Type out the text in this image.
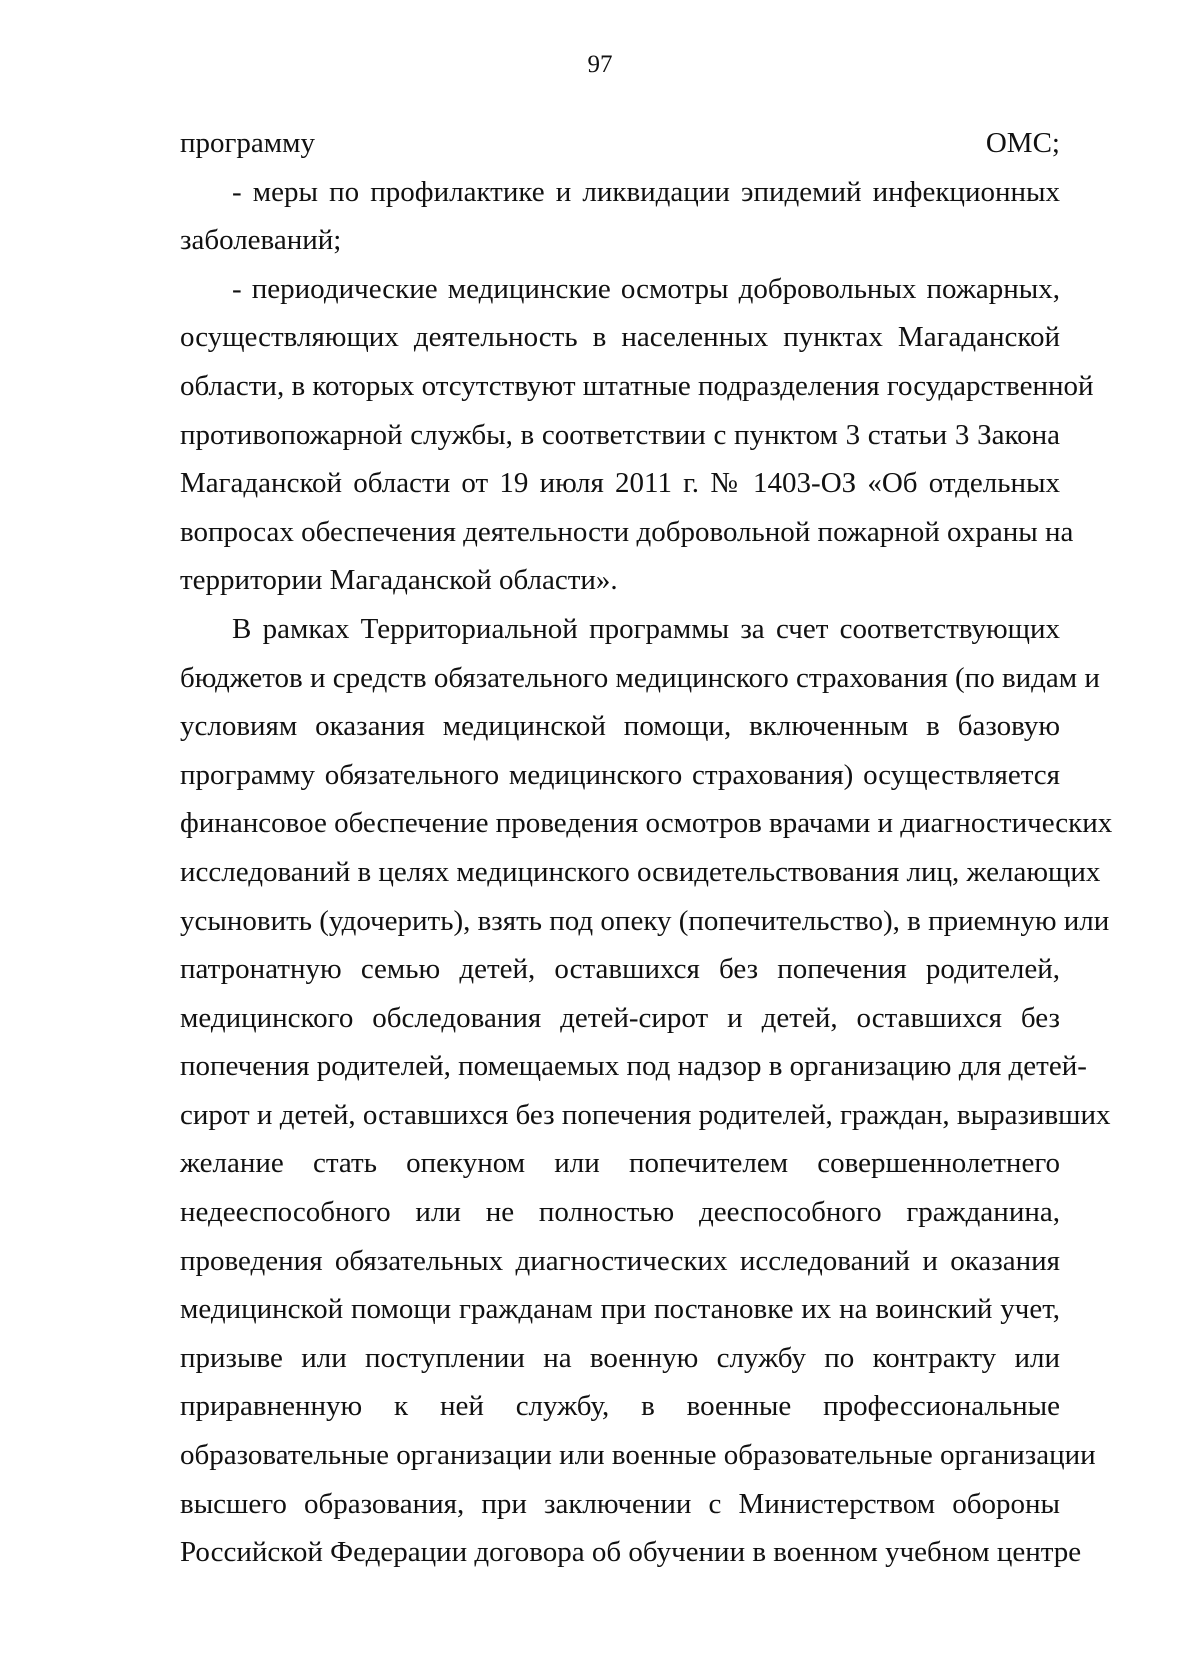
97
программу ОМС;
- меры по профилактике и ликвидации эпидемий инфекционных
заболеваний;
- периодические медицинские осмотры добровольных пожарных,
осуществляющих деятельность в населенных пунктах Магаданской
области, в которых отсутствуют штатные подразделения государственной
противопожарной службы, в соответствии с пунктом 3 статьи 3 Закона
Магаданской области от 19 июля 2011 г. № 1403-ОЗ «Об отдельных
вопросах обеспечения деятельности добровольной пожарной охраны на
территории Магаданской области».
В рамках Территориальной программы за счет соответствующих
бюджетов и средств обязательного медицинского страхования (по видам и
условиям оказания медицинской помощи, включенным в базовую
программу обязательного медицинского страхования) осуществляется
финансовое обеспечение проведения осмотров врачами и диагностических
исследований в целях медицинского освидетельствования лиц, желающих
усыновить (удочерить), взять под опеку (попечительство), в приемную или
патронатную семью детей, оставшихся без попечения родителей,
медицинского обследования детей-сирот и детей, оставшихся без
попечения родителей, помещаемых под надзор в организацию для детей-
сирот и детей, оставшихся без попечения родителей, граждан, выразивших
желание стать опекуном или попечителем совершеннолетнего
недееспособного или не полностью дееспособного гражданина,
проведения обязательных диагностических исследований и оказания
медицинской помощи гражданам при постановке их на воинский учет,
призыве или поступлении на военную службу по контракту или
приравненную к ней службу, в военные профессиональные
образовательные организации или военные образовательные организации
высшего образования, при заключении с Министерством обороны
Российской Федерации договора об обучении в военном учебном центре
